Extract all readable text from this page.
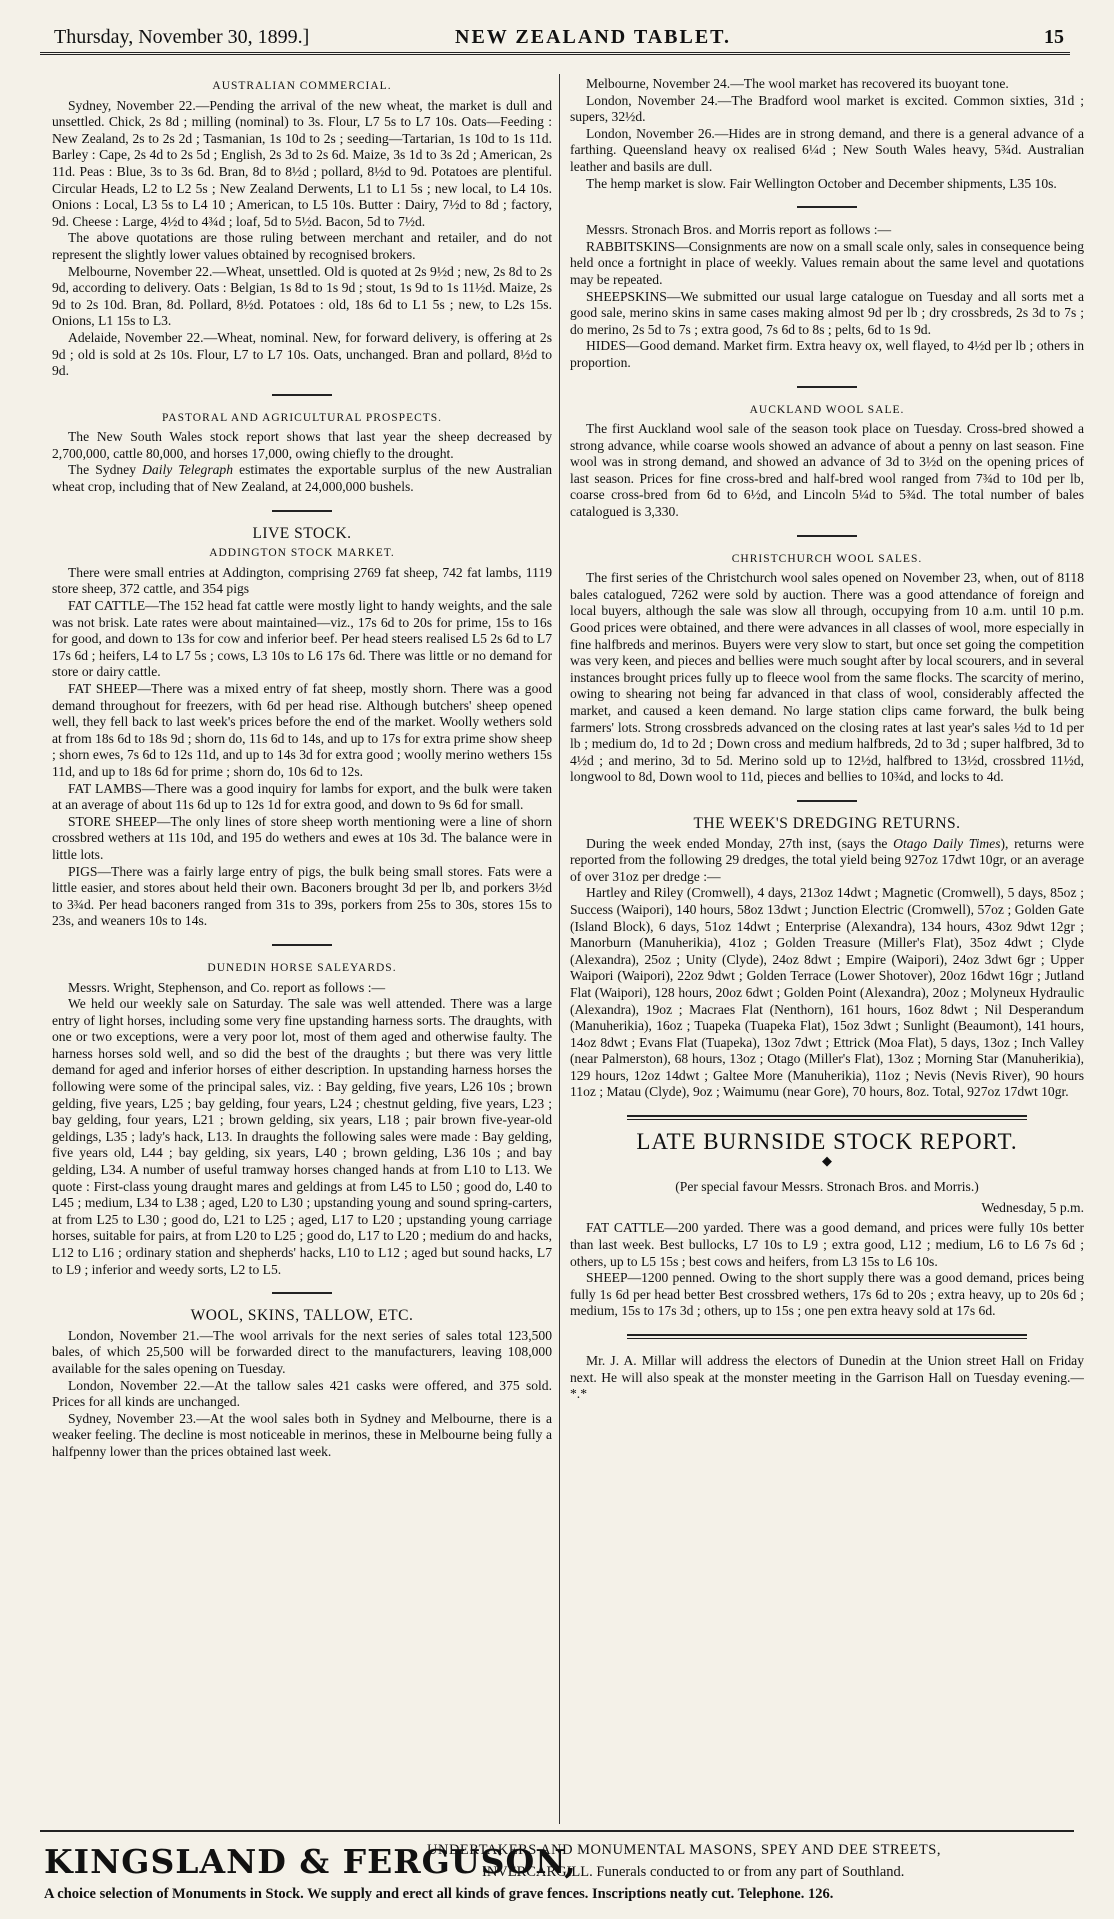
Thursday, November 30, 1899.]	NEW ZEALAND TABLET.	15
AUSTRALIAN COMMERCIAL.

Sydney, November 22.—Pending the arrival of the new wheat, the market is dull and unsettled. Chick, 2s 8d ; milling (nominal) to 3s. Flour, L7 5s to L7 10s. Oats—Feeding : New Zealand, 2s to 2s 2d ; Tasmanian, 1s 10d to 2s ; seeding—Tartarian, 1s 10d to 1s 11d. Barley : Cape, 2s 4d to 2s 5d ; English, 2s 3d to 2s 6d. Maize, 3s 1d to 3s 2d ; American, 2s 11d. Peas : Blue, 3s to 3s 6d. Bran, 8d to 8½d ; pollard, 8½d to 9d. Potatoes are plentiful. Circular Heads, L2 to L2 5s ; New Zealand Derwents, L1 to L1 5s ; new local, to L4 10s. Onions : Local, L3 5s to L4 10 ; American, to L5 10s. Butter : Dairy, 7½d to 8d ; factory, 9d. Cheese : Large, 4½d to 4¾d ; loaf, 5d to 5½d. Bacon, 5d to 7½d.

The above quotations are those ruling between merchant and retailer, and do not represent the slightly lower values obtained by recognised brokers.

Melbourne, November 22.—Wheat, unsettled. Old is quoted at 2s 9½d ; new, 2s 8d to 2s 9d, according to delivery. Oats : Belgian, 1s 8d to 1s 9d ; stout, 1s 9d to 1s 11½d. Maize, 2s 9d to 2s 10d. Bran, 8d. Pollard, 8½d. Potatoes : old, 18s 6d to L1 5s ; new, to L2s 15s. Onions, L1 15s to L3.

Adelaide, November 22.—Wheat, nominal. New, for forward delivery, is offering at 2s 9d ; old is sold at 2s 10s. Flour, L7 to L7 10s. Oats, unchanged. Bran and pollard, 8½d to 9d.

PASTORAL AND AGRICULTURAL PROSPECTS.

The New South Wales stock report shows that last year the sheep decreased by 2,700,000, cattle 80,000, and horses 17,000, owing chiefly to the drought.

The Sydney Daily Telegraph estimates the exportable surplus of the new Australian wheat crop, including that of New Zealand, at 24,000,000 bushels.

LIVE STOCK.
ADDINGTON STOCK MARKET.

There were small entries at Addington, comprising 2769 fat sheep, 742 fat lambs, 1119 store sheep, 372 cattle, and 354 pigs

FAT CATTLE—The 152 head fat cattle were mostly light to handy weights, and the sale was not brisk. Late rates were about maintained—viz., 17s 6d to 20s for prime, 15s to 16s for good, and down to 13s for cow and inferior beef. Per head steers realised L5 2s 6d to L7 17s 6d ; heifers, L4 to L7 5s ; cows, L3 10s to L6 17s 6d. There was little or no demand for store or dairy cattle.

FAT SHEEP—There was a mixed entry of fat sheep, mostly shorn. There was a good demand throughout for freezers, with 6d per head rise. Although butchers' sheep opened well, they fell back to last week's prices before the end of the market. Woolly wethers sold at from 18s 6d to 18s 9d ; shorn do, 11s 6d to 14s, and up to 17s for extra prime show sheep ; shorn ewes, 7s 6d to 12s 11d, and up to 14s 3d for extra good ; woolly merino wethers 15s 11d, and up to 18s 6d for prime ; shorn do, 10s 6d to 12s.

FAT LAMBS—There was a good inquiry for lambs for export, and the bulk were taken at an average of about 11s 6d up to 12s 1d for extra good, and down to 9s 6d for small.

STORE SHEEP—The only lines of store sheep worth mentioning were a line of shorn crossbred wethers at 11s 10d, and 195 do wethers and ewes at 10s 3d. The balance were in little lots.

PIGS—There was a fairly large entry of pigs, the bulk being small stores. Fats were a little easier, and stores about held their own. Baconers brought 3d per lb, and porkers 3½d to 3¾d. Per head baconers ranged from 31s to 39s, porkers from 25s to 30s, stores 15s to 23s, and weaners 10s to 14s.

DUNEDIN HORSE SALEYARDS.

Messrs. Wright, Stephenson, and Co. report as follows :—

We held our weekly sale on Saturday. The sale was well attended. There was a large entry of light horses, including some very fine upstanding harness sorts. The draughts, with one or two exceptions, were a very poor lot, most of them aged and otherwise faulty. The harness horses sold well, and so did the best of the draughts ; but there was very little demand for aged and inferior horses of either description. In upstanding harness horses the following were some of the principal sales, viz. : Bay gelding, five years, L26 10s ; brown gelding, five years, L25 ; bay gelding, four years, L24 ; chestnut gelding, five years, L23 ; bay gelding, four years, L21 ; brown gelding, six years, L18 ; pair brown five-year-old geldings, L35 ; lady's hack, L13. In draughts the following sales were made : Bay gelding, five years old, L44 ; bay gelding, six years, L40 ; brown gelding, L36 10s ; and bay gelding, L34. A number of useful tramway horses changed hands at from L10 to L13. We quote : First-class young draught mares and geldings at from L45 to L50 ; good do, L40 to L45 ; medium, L34 to L38 ; aged, L20 to L30 ; upstanding young and sound spring-carters, at from L25 to L30 ; good do, L21 to L25 ; aged, L17 to L20 ; upstanding young carriage horses, suitable for pairs, at from L20 to L25 ; good do, L17 to L20 ; medium do and hacks, L12 to L16 ; ordinary station and shepherds' hacks, L10 to L12 ; aged but sound hacks, L7 to L9 ; inferior and weedy sorts, L2 to L5.

WOOL, SKINS, TALLOW, ETC.

London, November 21.—The wool arrivals for the next series of sales total 123,500 bales, of which 25,500 will be forwarded direct to the manufacturers, leaving 108,000 available for the sales opening on Tuesday.

London, November 22.—At the tallow sales 421 casks were offered, and 375 sold. Prices for all kinds are unchanged.

Sydney, November 23.—At the wool sales both in Sydney and Melbourne, there is a weaker feeling. The decline is most noticeable in merinos, these in Melbourne being fully a halfpenny lower than the prices obtained last week.

Melbourne, November 24.—The wool market has recovered its buoyant tone.

London, November 24.—The Bradford wool market is excited. Common sixties, 31d ; supers, 32½d.

London, November 26.—Hides are in strong demand, and there is a general advance of a farthing. Queensland heavy ox realised 6¼d ; New South Wales heavy, 5¾d. Australian leather and basils are dull.

The hemp market is slow. Fair Wellington October and December shipments, L35 10s.

Messrs. Stronach Bros. and Morris report as follows :—

RABBITSKINS—Consignments are now on a small scale only, sales in consequence being held once a fortnight in place of weekly. Values remain about the same level and quotations may be repeated.

SHEEPSKINS—We submitted our usual large catalogue on Tuesday and all sorts met a good sale, merino skins in same cases making almost 9d per lb ; dry crossbreds, 2s 3d to 7s ; do merino, 2s 5d to 7s ; extra good, 7s 6d to 8s ; pelts, 6d to 1s 9d.

HIDES—Good demand. Market firm. Extra heavy ox, well flayed, to 4½d per lb ; others in proportion.

AUCKLAND WOOL SALE.

The first Auckland wool sale of the season took place on Tuesday. Cross-bred showed a strong advance, while coarse wools showed an advance of about a penny on last season. Fine wool was in strong demand, and showed an advance of 3d to 3½d on the opening prices of last season. Prices for fine cross-bred and half-bred wool ranged from 7¾d to 10d per lb, coarse cross-bred from 6d to 6½d, and Lincoln 5¼d to 5¾d. The total number of bales catalogued is 3,330.

CHRISTCHURCH WOOL SALES.

The first series of the Christchurch wool sales opened on November 23, when, out of 8118 bales catalogued, 7262 were sold by auction. There was a good attendance of foreign and local buyers, although the sale was slow all through, occupying from 10 a.m. until 10 p.m. Good prices were obtained, and there were advances in all classes of wool, more especially in fine halfbreds and merinos. Buyers were very slow to start, but once set going the competition was very keen, and pieces and bellies were much sought after by local scourers, and in several instances brought prices fully up to fleece wool from the same flocks. The scarcity of merino, owing to shearing not being far advanced in that class of wool, considerably affected the market, and caused a keen demand. No large station clips came forward, the bulk being farmers' lots. Strong crossbreds advanced on the closing rates at last year's sales ½d to 1d per lb ; medium do, 1d to 2d ; Down cross and medium halfbreds, 2d to 3d ; super halfbred, 3d to 4½d ; and merino, 3d to 5d. Merino sold up to 12½d, halfbred to 13½d, crossbred 11½d, longwool to 8d, Down wool to 11d, pieces and bellies to 10¾d, and locks to 4d.

THE WEEK'S DREDGING RETURNS.

During the week ended Monday, 27th inst, (says the Otago Daily Times), returns were reported from the following 29 dredges, the total yield being 927oz 17dwt 10gr, or an average of over 31oz per dredge :—

Hartley and Riley (Cromwell), 4 days, 213oz 14dwt ; Magnetic (Cromwell), 5 days, 85oz ; Success (Waipori), 140 hours, 58oz 13dwt ; Junction Electric (Cromwell), 57oz ; Golden Gate (Island Block), 6 days, 51oz 14dwt ; Enterprise (Alexandra), 134 hours, 43oz 9dwt 12gr ; Manorburn (Manuherikia), 41oz ; Golden Treasure (Miller's Flat), 35oz 4dwt ; Clyde (Alexandra), 25oz ; Unity (Clyde), 24oz 8dwt ; Empire (Waipori), 24oz 3dwt 6gr ; Upper Waipori (Waipori), 22oz 9dwt ; Golden Terrace (Lower Shotover), 20oz 16dwt 16gr ; Jutland Flat (Waipori), 128 hours, 20oz 6dwt ; Golden Point (Alexandra), 20oz ; Molyneux Hydraulic (Alexandra), 19oz ; Macraes Flat (Nenthorn), 161 hours, 16oz 8dwt ; Nil Desperandum (Manuherikia), 16oz ; Tuapeka (Tuapeka Flat), 15oz 3dwt ; Sunlight (Beaumont), 141 hours, 14oz 8dwt ; Evans Flat (Tuapeka), 13oz 7dwt ; Ettrick (Moa Flat), 5 days, 13oz ; Inch Valley (near Palmerston), 68 hours, 13oz ; Otago (Miller's Flat), 13oz ; Morning Star (Manuherikia), 129 hours, 12oz 14dwt ; Galtee More (Manuherikia), 11oz ; Nevis (Nevis River), 90 hours 11oz ; Matau (Clyde), 9oz ; Waimumu (near Gore), 70 hours, 8oz. Total, 927oz 17dwt 10gr.

LATE BURNSIDE STOCK REPORT.
◆
(Per special favour Messrs. Stronach Bros. and Morris.)
Wednesday, 5 p.m.

FAT CATTLE—200 yarded. There was a good demand, and prices were fully 10s better than last week. Best bullocks, L7 10s to L9 ; extra good, L12 ; medium, L6 to L6 7s 6d ; others, up to L5 15s ; best cows and heifers, from L3 15s to L6 10s.

SHEEP—1200 penned. Owing to the short supply there was a good demand, prices being fully 1s 6d per head better Best crossbred wethers, 17s 6d to 20s ; extra heavy, up to 20s 6d ; medium, 15s to 17s 3d ; others, up to 15s ; one pen extra heavy sold at 17s 6d.

Mr. J. A. Millar will address the electors of Dunedin at the Union street Hall on Friday next. He will also speak at the monster meeting in the Garrison Hall on Tuesday evening.—*.*

KINGSLAND & FERGUSON,
UNDERTAKERS AND MONUMENTAL MASONS, SPEY AND DEE STREETS,
INVERCARGILL. Funerals conducted to or from any part of Southland.
A choice selection of Monuments in Stock. We supply and erect all kinds of grave fences. Inscriptions neatly cut. Telephone. 126.
